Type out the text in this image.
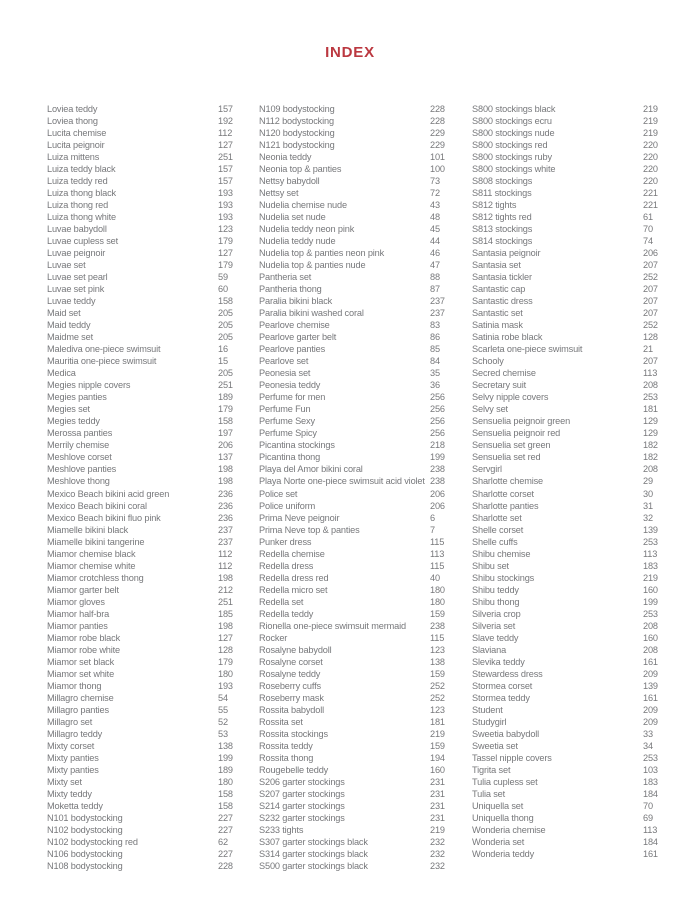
INDEX
Loviea teddy	157
Loviea thong	192
Lucita chemise	112
Lucita peignoir	127
Luiza mittens	251
Luiza teddy black	157
Luiza teddy red	157
Luiza thong black	193
Luiza thong red	193
Luiza thong white	193
Luvae babydoll	123
Luvae cupless set	179
Luvae peignoir	127
Luvae set	179
Luvae set pearl	59
Luvae set pink	60
Luvae teddy	158
Maid set	205
Maid teddy	205
Maidme set	205
Malediva one-piece swimsuit	16
Mauritia one-piece swimsuit	15
Medica	205
Megies nipple covers	251
Megies panties	189
Megies set	179
Megies teddy	158
Merossa panties	197
Merrily chemise	206
Meshlove corset	137
Meshlove panties	198
Meshlove thong	198
Mexico Beach bikini acid green	236
Mexico Beach bikini coral	236
Mexico Beach bikini fluo pink	236
Miamelle bikini black	237
Miamelle bikini tangerine	237
Miamor chemise black	112
Miamor chemise white	112
Miamor crotchless thong	198
Miamor garter belt	212
Miamor gloves	251
Miamor half-bra	185
Miamor panties	198
Miamor robe black	127
Miamor robe white	128
Miamor set black	179
Miamor set white	180
Miamor thong	193
Millagro chemise	54
Millagro panties	55
Millagro set	52
Millagro teddy	53
Mixty corset	138
Mixty panties	199
Mixty panties	189
Mixty set	180
Mixty teddy	158
Moketta teddy	158
N101 bodystocking	227
N102 bodystocking	227
N102 bodystocking red	62
N106 bodystocking	227
N108 bodystocking	228
N109 bodystocking	228
N112 bodystocking	228
N120 bodystocking	229
N121 bodystocking	229
Neonia teddy	101
Neonia top & panties	100
Nettsy babydoll	73
Nettsy set	72
Nudelia chemise nude	43
Nudelia set nude	48
Nudelia teddy neon pink	45
Nudelia teddy nude	44
Nudelia top & panties neon pink	46
Nudelia top & panties nude	47
Pantheria set	88
Pantheria thong	87
Paralia bikini black	237
Paralia bikini washed coral	237
Pearlove chemise	83
Pearlove garter belt	86
Pearlove panties	85
Pearlove set	84
Peonesia set	35
Peonesia teddy	36
Perfume for men	256
Perfume Fun	256
Perfume Sexy	256
Perfume Spicy	256
Picantina stockings	218
Picantina thong	199
Playa del Amor bikini coral	238
Playa Norte one-piece swimsuit acid violet 238
Police set	206
Police uniform	206
Prima Neve peignoir	6
Prima Neve top & panties	7
Punker dress	115
Redella chemise	113
Redella dress	115
Redella dress red	40
Redella micro set	180
Redella set	180
Redella teddy	159
Rionella one-piece swimsuit mermaid	238
Rocker	115
Rosalyne babydoll	123
Rosalyne corset	138
Rosalyne teddy	159
Roseberry cuffs	252
Roseberry mask	252
Rossita babydoll	123
Rossita set	181
Rossita stockings	219
Rossita teddy	159
Rossita thong	194
Rougebelle teddy	160
S206 garter stockings	231
S207 garter stockings	231
S214 garter stockings	231
S232 garter stockings	231
S233 tights	219
S307 garter stockings black	232
S314 garter stockings black	232
S500 garter stockings black	232
S800 stockings black	219
S800 stockings ecru	219
S800 stockings nude	219
S800 stockings red	220
S800 stockings ruby	220
S800 stockings white	220
S808 stockings	220
S811 stockings	221
S812 tights	221
S812 tights red	61
S813 stockings	70
S814 stockings	74
Santasia peignoir	206
Santasia set	207
Santasia tickler	252
Santastic cap	207
Santastic dress	207
Santastic set	207
Satinia mask	252
Satinia robe black	128
Scarleta one-piece swimsuit	21
Schooly	207
Secred chemise	113
Secretary suit	208
Selvy nipple covers	253
Selvy set	181
Sensuelia peignoir green	129
Sensuelia peignoir red	129
Sensuelia set green	182
Sensuelia set red	182
Servgirl	208
Sharlotte chemise	29
Sharlotte corset	30
Sharlotte panties	31
Sharlotte set	32
Shelle corset	139
Shelle cuffs	253
Shibu chemise	113
Shibu set	183
Shibu stockings	219
Shibu teddy	160
Shibu thong	199
Silveria crop	253
Silveria set	208
Slave teddy	160
Slaviana	208
Slevika teddy	161
Stewardess dress	209
Stormea corset	139
Stormea teddy	161
Student	209
Studygirl	209
Sweetia babydoll	33
Sweetia set	34
Tassel nipple covers	253
Tigrita set	103
Tulia cupless set	183
Tulia set	184
Uniquella set	70
Uniquella thong	69
Wonderia chemise	113
Wonderia set	184
Wonderia teddy	161
